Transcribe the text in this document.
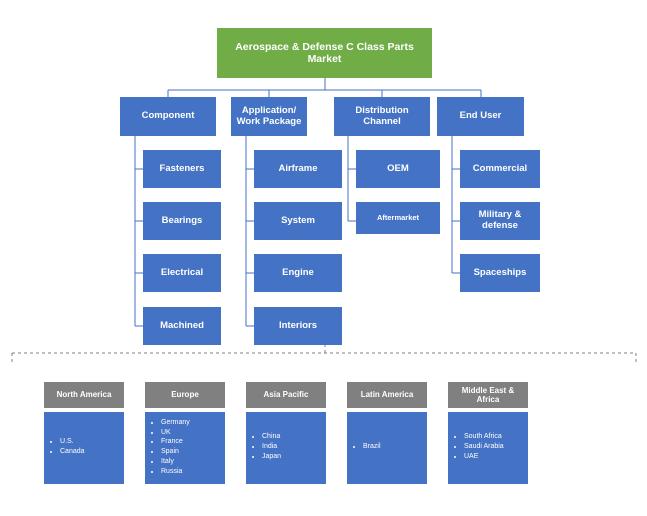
Aerospace & Defense C Class Parts Market
Component	Application/ Work Package
Distribution Channel	End User
Fasteners
Bearings
Electrical
Machined
Airframe
System
Engine
Interiors
OEM
Aftermarket
Commercial
Military & defense
Spaceships
North America
• U.S.
• Canada
Europe
• Germany
• UK
• France
• Spain
• Italy
• Russia
Asia Pacific
• China
• India
• Japan
Latin America
• Brazil
Middle East & Africa
• South Africa
• Saudi Arabia
• UAE
